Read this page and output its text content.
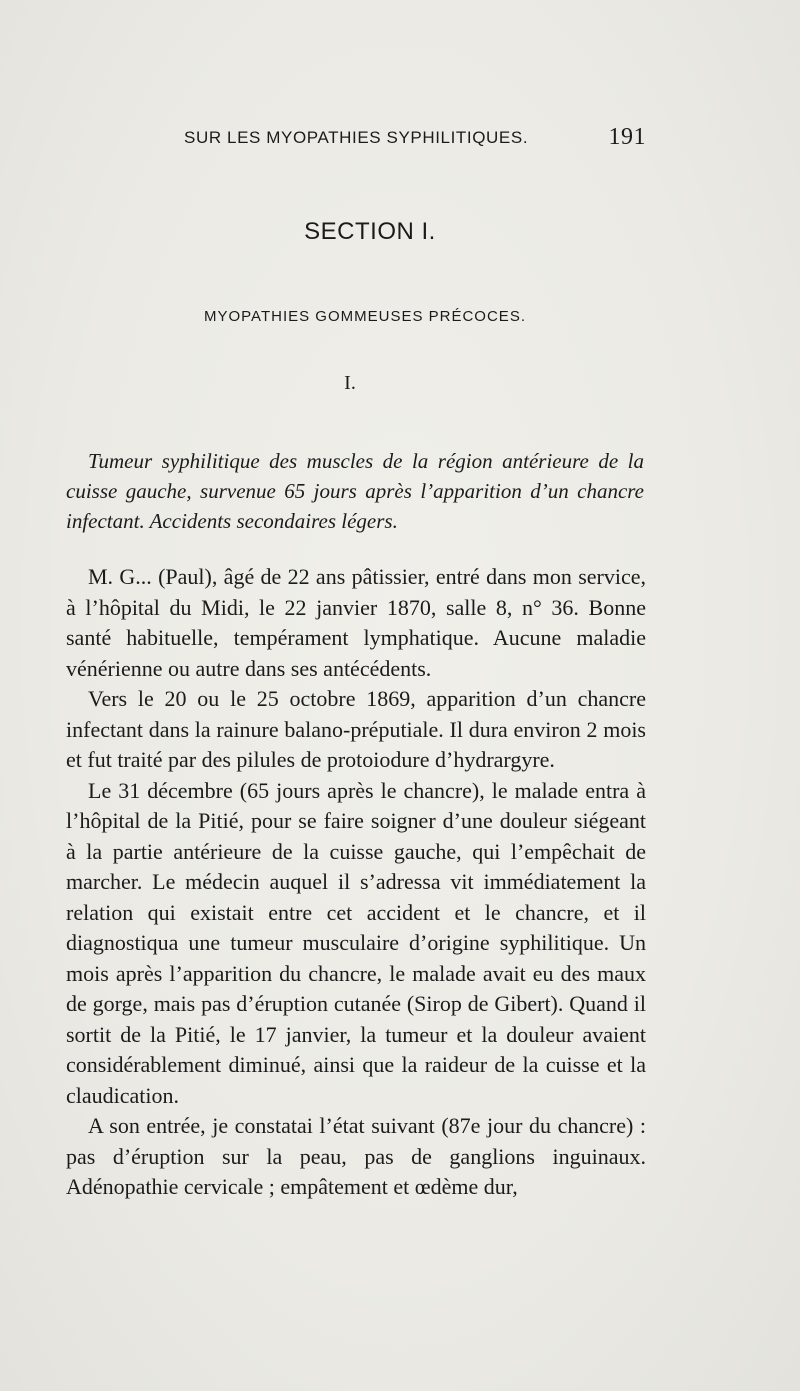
SUR LES MYOPATHIES SYPHILITIQUES.	191
SECTION I.
MYOPATHIES GOMMEUSES PRÉCOCES.
I.
Tumeur syphilitique des muscles de la région antérieure de la cuisse gauche, survenue 65 jours après l’apparition d’un chancre infectant. Accidents secondaires légers.

M. G... (Paul), âgé de 22 ans pâtissier, entré dans mon service, à l’hôpital du Midi, le 22 janvier 1870, salle 8, n° 36. Bonne santé habituelle, tempérament lymphatique. Aucune maladie vénérienne ou autre dans ses antécédents.

Vers le 20 ou le 25 octobre 1869, apparition d’un chancre infectant dans la rainure balano-préputiale. Il dura environ 2 mois et fut traité par des pilules de protoiodure d’hydrargyre.

Le 31 décembre (65 jours après le chancre), le malade entra à l’hôpital de la Pitié, pour se faire soigner d’une douleur siégeant à la partie antérieure de la cuisse gauche, qui l’empêchait de marcher. Le médecin auquel il s’adressa vit immédiatement la relation qui existait entre cet accident et le chancre, et il diagnostiqua une tumeur musculaire d’origine syphilitique. Un mois après l’apparition du chancre, le malade avait eu des maux de gorge, mais pas d’éruption cutanée (Sirop de Gibert). Quand il sortit de la Pitié, le 17 janvier, la tumeur et la douleur avaient considérablement diminué, ainsi que la raideur de la cuisse et la claudication.

A son entrée, je constatai l’état suivant (87e jour du chancre) : pas d’éruption sur la peau, pas de ganglions inguinaux. Adénopathie cervicale ; empâtement et œdème dur,
